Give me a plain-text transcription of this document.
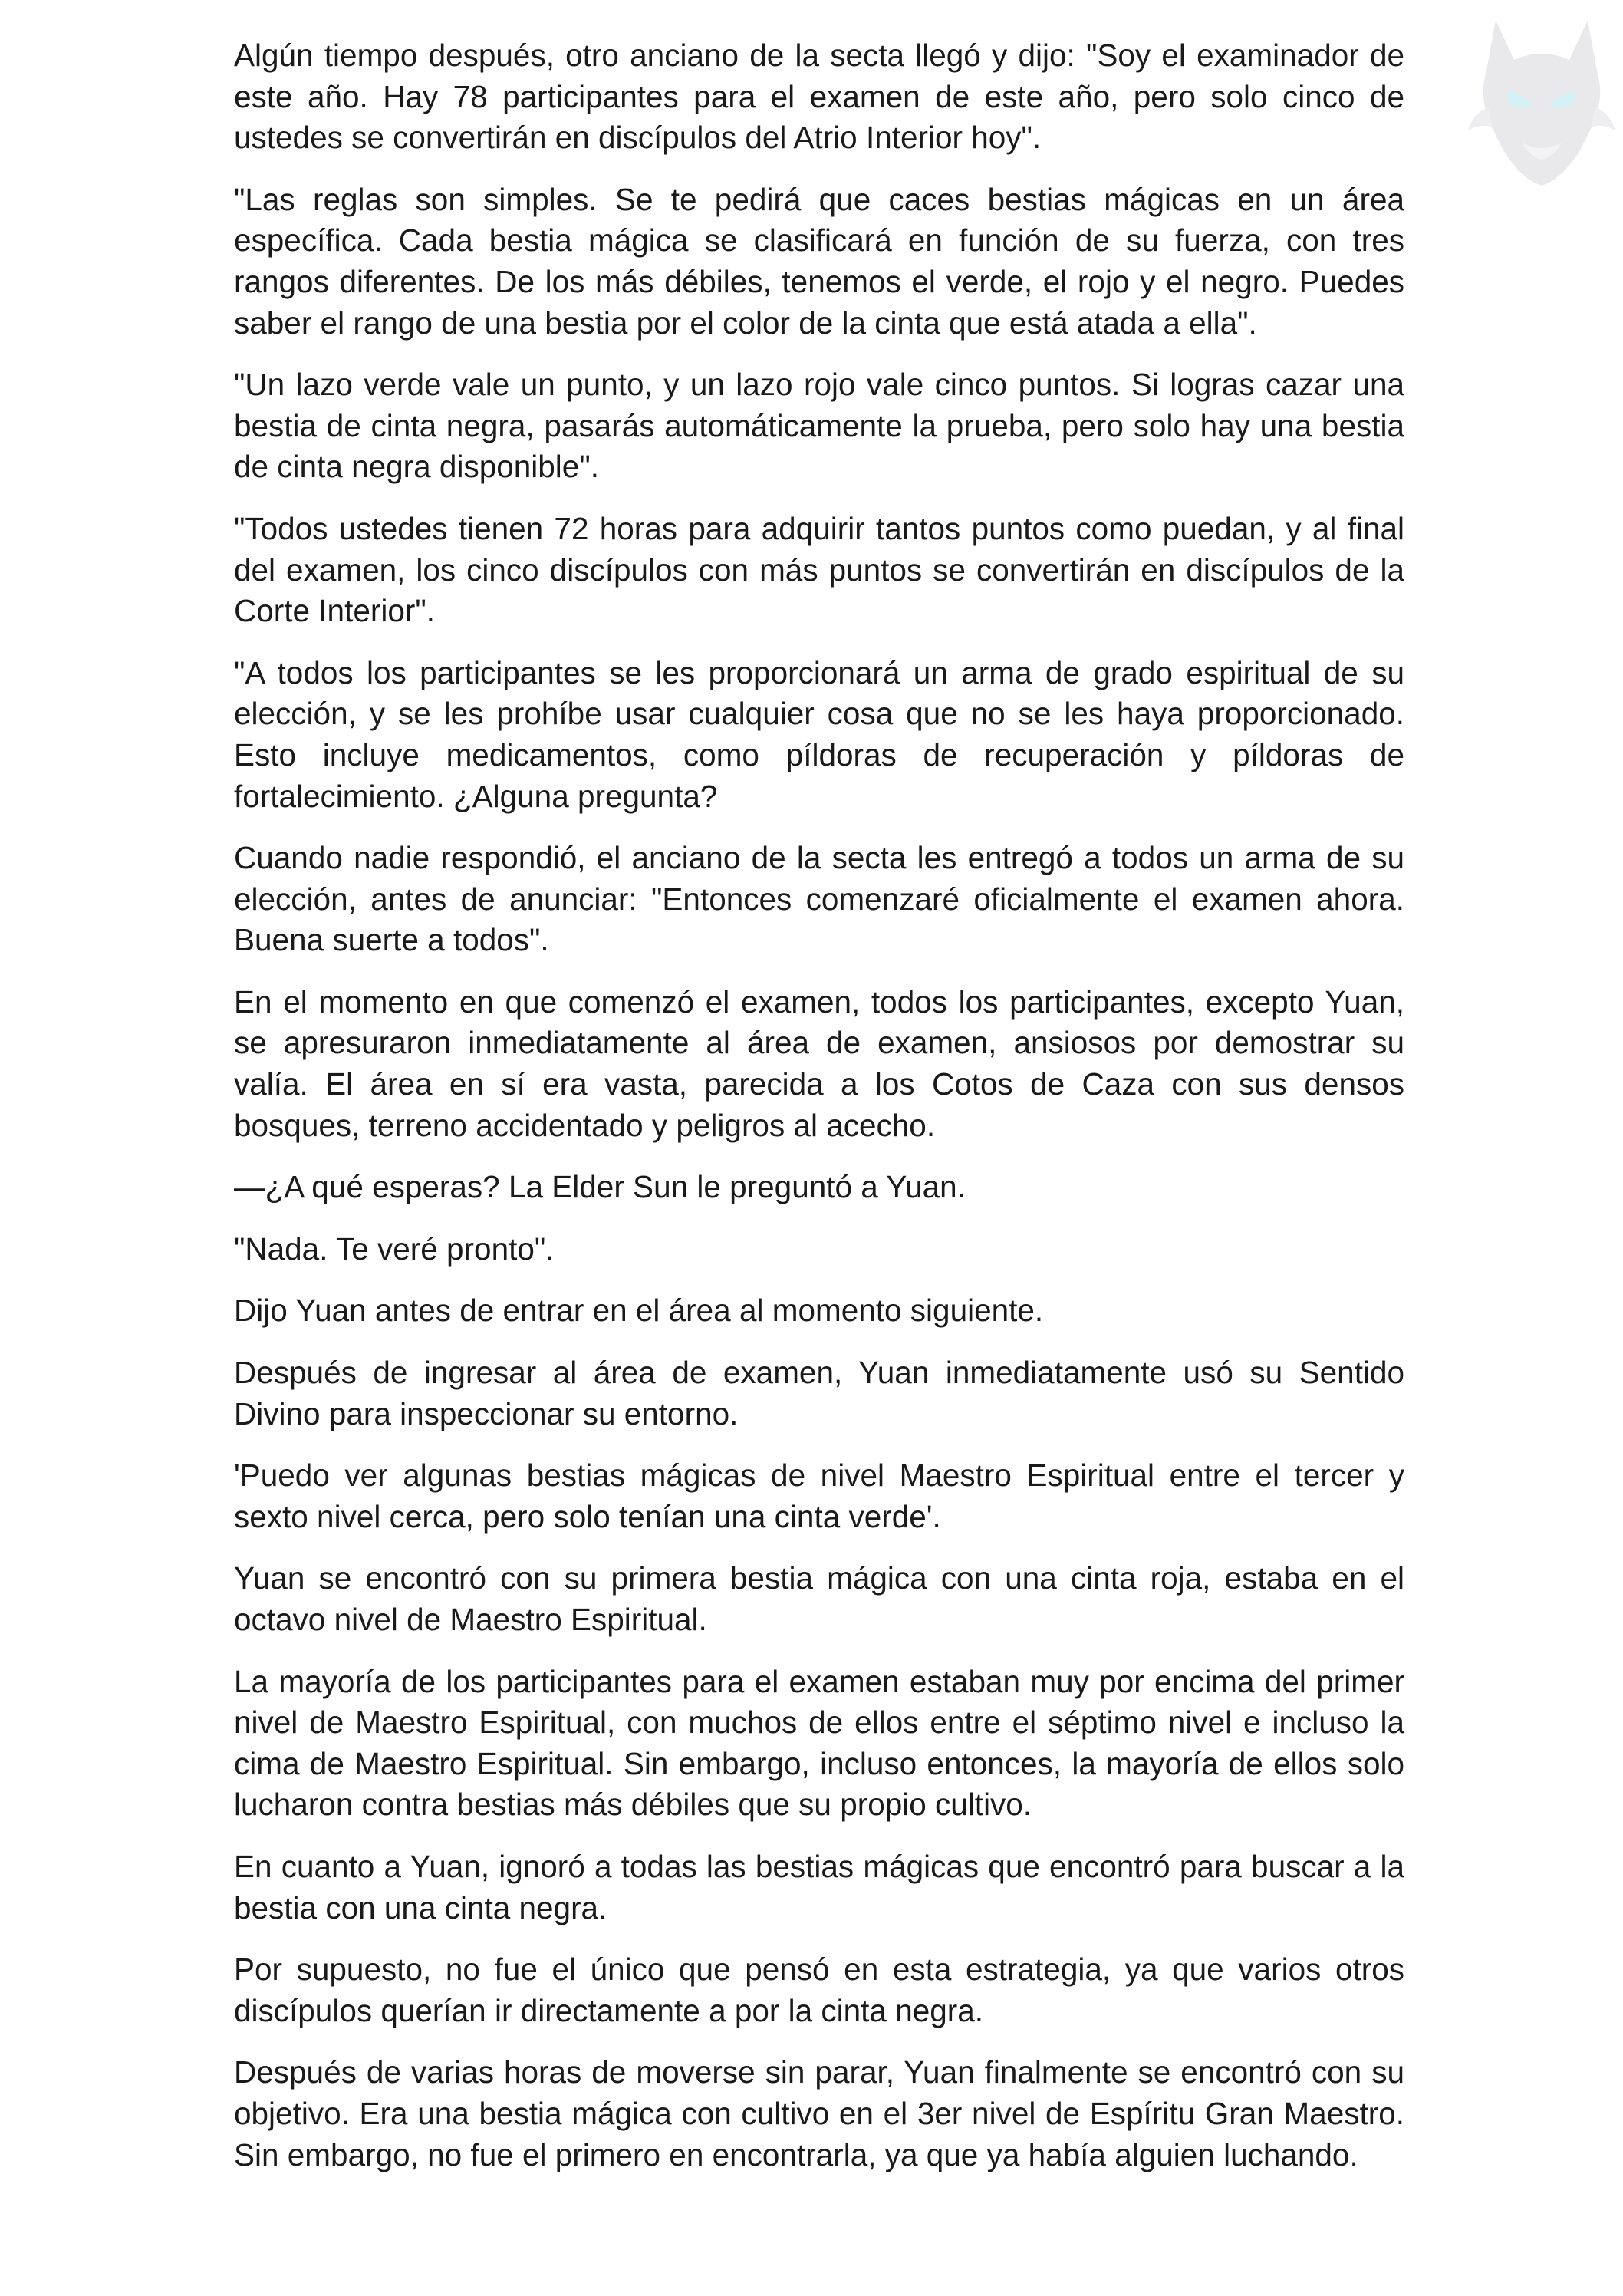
Algún tiempo después, otro anciano de la secta llegó y dijo: "Soy el examinador de este año. Hay 78 participantes para el examen de este año, pero solo cinco de ustedes se convertirán en discípulos del Atrio Interior hoy".

"Las reglas son simples. Se te pedirá que caces bestias mágicas en un área específica. Cada bestia mágica se clasificará en función de su fuerza, con tres rangos diferentes. De los más débiles, tenemos el verde, el rojo y el negro. Puedes saber el rango de una bestia por el color de la cinta que está atada a ella".

"Un lazo verde vale un punto, y un lazo rojo vale cinco puntos. Si logras cazar una bestia de cinta negra, pasarás automáticamente la prueba, pero solo hay una bestia de cinta negra disponible".

"Todos ustedes tienen 72 horas para adquirir tantos puntos como puedan, y al final del examen, los cinco discípulos con más puntos se convertirán en discípulos de la Corte Interior".

"A todos los participantes se les proporcionará un arma de grado espiritual de su elección, y se les prohíbe usar cualquier cosa que no se les haya proporcionado. Esto incluye medicamentos, como píldoras de recuperación y píldoras de fortalecimiento. ¿Alguna pregunta?

Cuando nadie respondió, el anciano de la secta les entregó a todos un arma de su elección, antes de anunciar: "Entonces comenzaré oficialmente el examen ahora. Buena suerte a todos".

En el momento en que comenzó el examen, todos los participantes, excepto Yuan, se apresuraron inmediatamente al área de examen, ansiosos por demostrar su valía. El área en sí era vasta, parecida a los Cotos de Caza con sus densos bosques, terreno accidentado y peligros al acecho.

—¿A qué esperas? La Elder Sun le preguntó a Yuan.

"Nada. Te veré pronto".

Dijo Yuan antes de entrar en el área al momento siguiente.

Después de ingresar al área de examen, Yuan inmediatamente usó su Sentido Divino para inspeccionar su entorno.

'Puedo ver algunas bestias mágicas de nivel Maestro Espiritual entre el tercer y sexto nivel cerca, pero solo tenían una cinta verde'.

Yuan se encontró con su primera bestia mágica con una cinta roja, estaba en el octavo nivel de Maestro Espiritual.

La mayoría de los participantes para el examen estaban muy por encima del primer nivel de Maestro Espiritual, con muchos de ellos entre el séptimo nivel e incluso la cima de Maestro Espiritual. Sin embargo, incluso entonces, la mayoría de ellos solo lucharon contra bestias más débiles que su propio cultivo.

En cuanto a Yuan, ignoró a todas las bestias mágicas que encontró para buscar a la bestia con una cinta negra.

Por supuesto, no fue el único que pensó en esta estrategia, ya que varios otros discípulos querían ir directamente a por la cinta negra.

Después de varias horas de moverse sin parar, Yuan finalmente se encontró con su objetivo. Era una bestia mágica con cultivo en el 3er nivel de Espíritu Gran Maestro. Sin embargo, no fue el primero en encontrarla, ya que ya había alguien luchando.
